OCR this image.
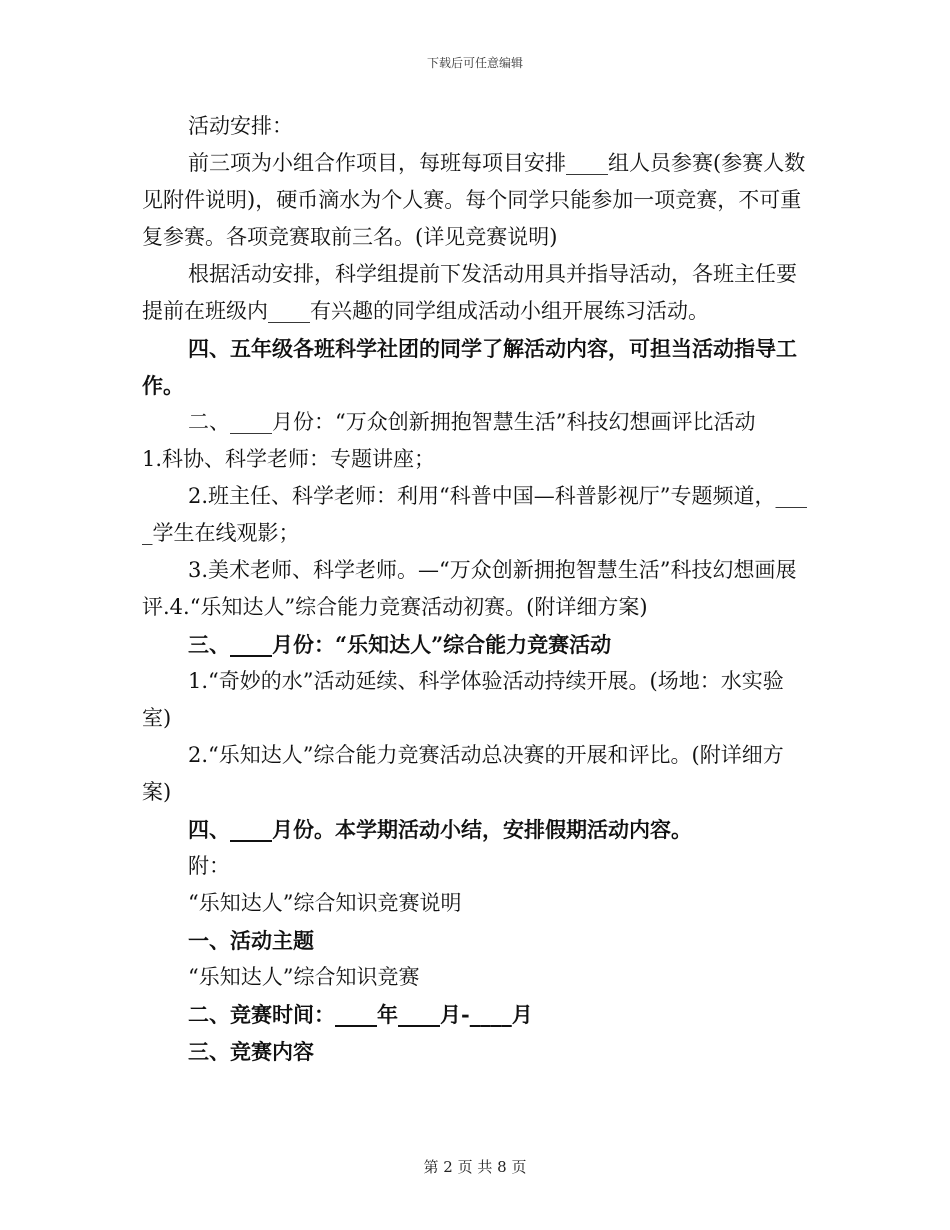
下载后可任意编辑

活动安排：

前三项为小组合作项目，每班每项目安排____组人员参赛(参赛人数见附件说明)，硬币滴水为个人赛。每个同学只能参加一项竞赛，不可重复参赛。各项竞赛取前三名。(详见竞赛说明)

根据活动安排，科学组提前下发活动用具并指导活动，各班主任要提前在班级内____有兴趣的同学组成活动小组开展练习活动。

四、五年级各班科学社团的同学了解活动内容，可担当活动指导工作。

二、____月份：“万众创新拥抱智慧生活”科技幻想画评比活动

1.科协、科学老师：专题讲座；

2.班主任、科学老师：利用“科普中国—科普影视厅”专题频道，____学生在线观影；

3.美术老师、科学老师。—“万众创新拥抱智慧生活”科技幻想画展评.4.“乐知达人”综合能力竞赛活动初赛。(附详细方案)

三、____月份：“乐知达人”综合能力竞赛活动

1.“奇妙的水”活动延续、科学体验活动持续开展。(场地：水实验室)

2.“乐知达人”综合能力竞赛活动总决赛的开展和评比。(附详细方案)

四、____月份。本学期活动小结，安排假期活动内容。

附：

“乐知达人”综合知识竞赛说明

一、活动主题

“乐知达人”综合知识竞赛

二、竞赛时间：____年____月-____月

三、竞赛内容

第 2 页 共 8 页
